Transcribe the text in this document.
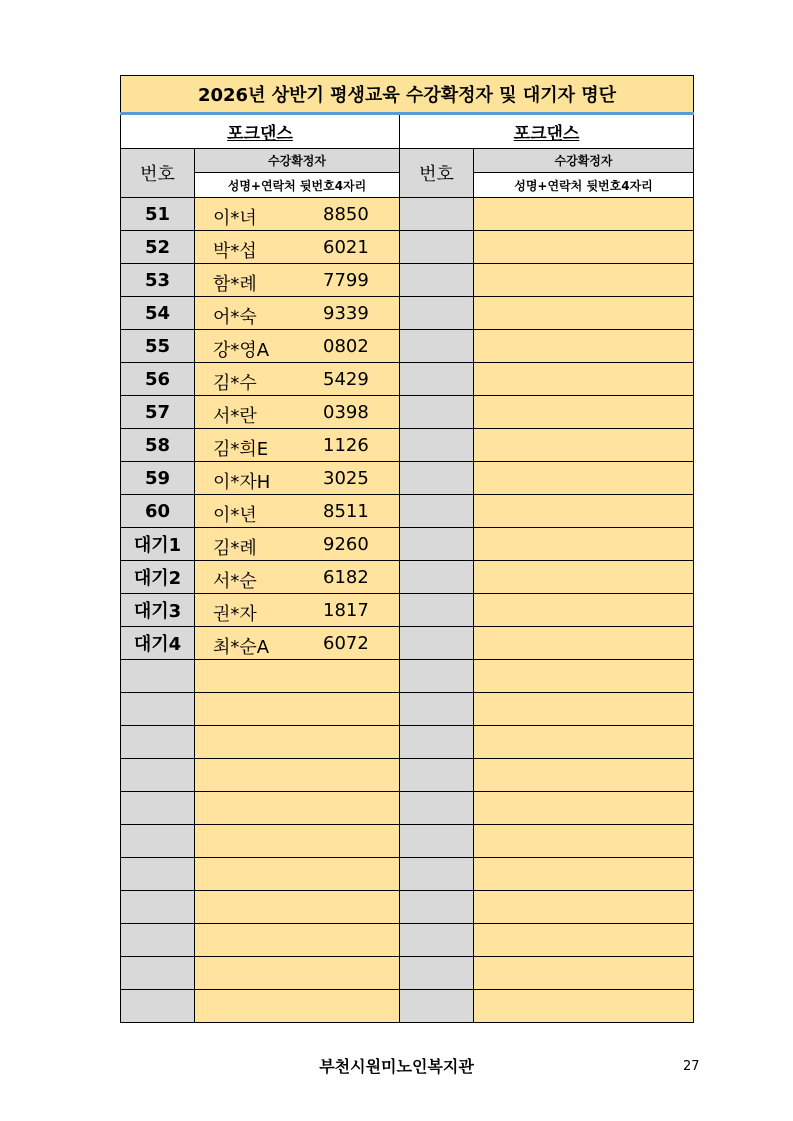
2026년 상반기 평생교육 수강확정자 및 대기자 명단			
포크댄스		포크댄스	
번호	수강확정자	번호	수강확정자
	성명+연락처 뒷번호4자리		성명+연락처 뒷번호4자리
51	이*녀 8850		

52	박*섭 6021		

53	함*례 7799		

54	어*숙 9339		

55	강*영A 0802		

56	김*수 5429		

57	서*란 0398		

58	김*희E 1126		

59	이*자H 3025		

60	이*년 8511		

대기1	김*례 9260		

대기2	서*순 6182		

대기3	권*자 1817		

대기4	최*순A 6072		

부천시원미노인복지관	27
